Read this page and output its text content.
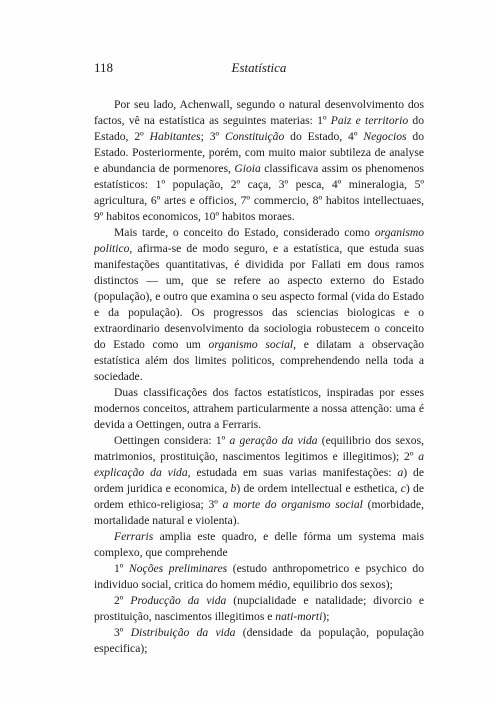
118	Estatística

Por seu lado, Achenwall, segundo o natural desenvolvimento dos factos, vê na estatística as seguintes materias: 1º Paiz e territorio do Estado, 2º Habitantes; 3º Constituição do Estado, 4º Negocios do Estado. Posteriormente, porém, com muito maior subtileza de analyse e abundancia de pormenores, Gioia classificava assim os phenomenos estatísticos: 1º população, 2º caça, 3º pesca, 4º mineralogia, 5º agricultura, 6º artes e officios, 7º commercio, 8º habitos intellectuaes, 9º habitos economicos, 10º habitos moraes.

Mais tarde, o conceito do Estado, considerado como organismo politico, afirma-se de modo seguro, e a estatística, que estuda suas manifestações quantitativas, é dividida por Fallati em dous ramos distinctos — um, que se refere ao aspecto externo do Estado (população), e outro que examina o seu aspecto formal (vida do Estado e da população). Os progressos das sciencias biologicas e o extraordinario desenvolvimento da sociologia robustecem o conceito do Estado como um organismo social, e dilatam a observação estatística além dos limites politicos, comprehendendo nella toda a sociedade.

Duas classificações dos factos estatísticos, inspiradas por esses modernos conceitos, attrahem particularmente a nossa attenção: uma é devida a Oettingen, outra a Ferraris.

Oettingen considera: 1º a geração da vida (equilibrio dos sexos, matrimonios, prostituição, nascimentos legitimos e illegitimos); 2º a explicação da vida, estudada em suas varias manifestações: a) de ordem juridica e economica, b) de ordem intellectual e esthetica, c) de ordem ethico-religiosa; 3º a morte do organismo social (morbidade, mortalidade natural e violenta).

Ferraris amplia este quadro, e delle fórma um systema mais complexo, que comprehende

1º Noções preliminares (estudo anthropometrico e psychico do individuo social, critica do homem médio, equilibrio dos sexos);

2º Producção da vida (nupcialidade e natalidade; divorcio e prostituição, nascimentos illegitimos e nati-morti);

3º Distribuição da vida (densidade da população, população especifica);
